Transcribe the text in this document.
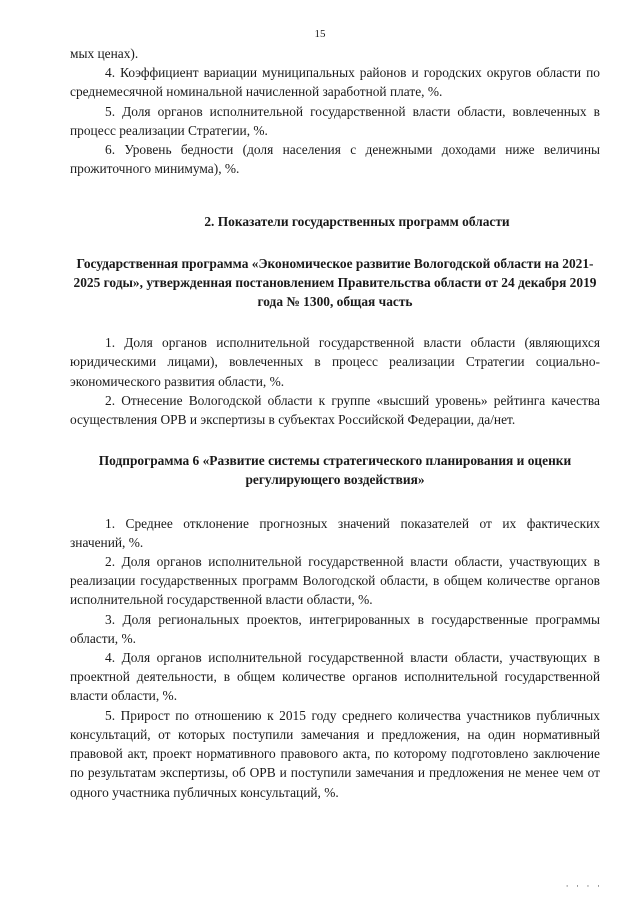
15

мых ценах).

4. Коэффициент вариации муниципальных районов и городских округов области по среднемесячной номинальной начисленной заработной плате, %.

5. Доля органов исполнительной государственной власти области, вовлеченных в процесс реализации Стратегии, %.

6. Уровень бедности (доля населения с денежными доходами ниже величины прожиточного минимума), %.

2. Показатели государственных программ области
Государственная программа «Экономическое развитие Вологодской области на 2021-2025 годы», утвержденная постановлением Правительства области от 24 декабря 2019 года № 1300, общая часть

1. Доля органов исполнительной государственной власти области (являющихся юридическими лицами), вовлеченных в процесс реализации Стратегии социально-экономического развития области, %.

2. Отнесение Вологодской области к группе «высший уровень» рейтинга качества осуществления ОРВ и экспертизы в субъектах Российской Федерации, да/нет.

Подпрограмма 6 «Развитие системы стратегического планирования и оценки регулирующего воздействия»

1. Среднее отклонение прогнозных значений показателей от их фактических значений, %.

2. Доля органов исполнительной государственной власти области, участвующих в реализации государственных программ Вологодской области, в общем количестве органов исполнительной государственной власти области, %.

3. Доля региональных проектов, интегрированных в государственные программы области, %.

4. Доля органов исполнительной государственной власти области, участвующих в проектной деятельности, в общем количестве органов исполнительной государственной власти области, %.

5. Прирост по отношению к 2015 году среднего количества участников публичных консультаций, от которых поступили замечания и предложения, на один нормативный правовой акт, проект нормативного правового акта, по которому подготовлено заключение по результатам экспертизы, об ОРВ и поступили замечания и предложения не менее чем от одного участника публичных консультаций, %.

' ' ' '
